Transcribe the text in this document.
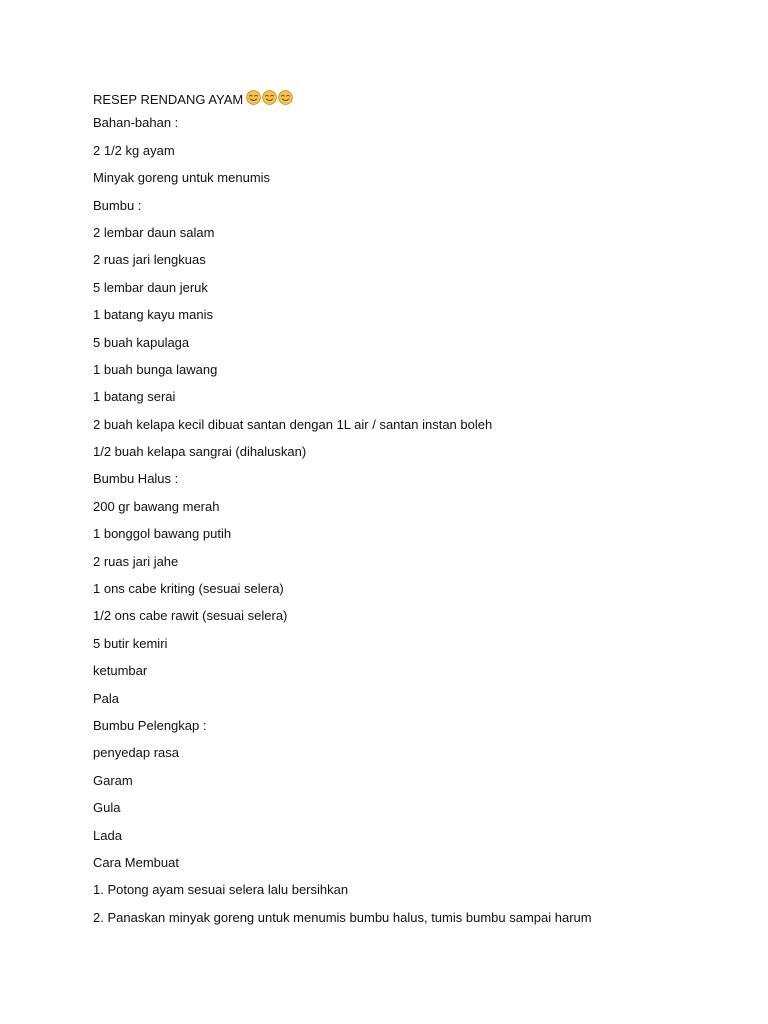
RESEP RENDANG AYAM
Bahan-bahan :
2 1/2 kg ayam
Minyak goreng untuk menumis
Bumbu :
2 lembar daun salam
2 ruas jari lengkuas
5 lembar daun jeruk
1 batang kayu manis
5 buah kapulaga
1 buah bunga lawang
1 batang serai
2 buah kelapa kecil dibuat santan dengan 1L air / santan instan boleh
1/2 buah kelapa sangrai (dihaluskan)
Bumbu Halus :
200 gr bawang merah
1 bonggol bawang putih
2 ruas jari jahe
1 ons cabe kriting (sesuai selera)
1/2 ons cabe rawit (sesuai selera)
5 butir kemiri
ketumbar
Pala
Bumbu Pelengkap :
penyedap rasa
Garam
Gula
Lada
Cara Membuat
1. Potong ayam sesuai selera lalu bersihkan
2. Panaskan minyak goreng untuk menumis bumbu halus, tumis bumbu sampai harum
